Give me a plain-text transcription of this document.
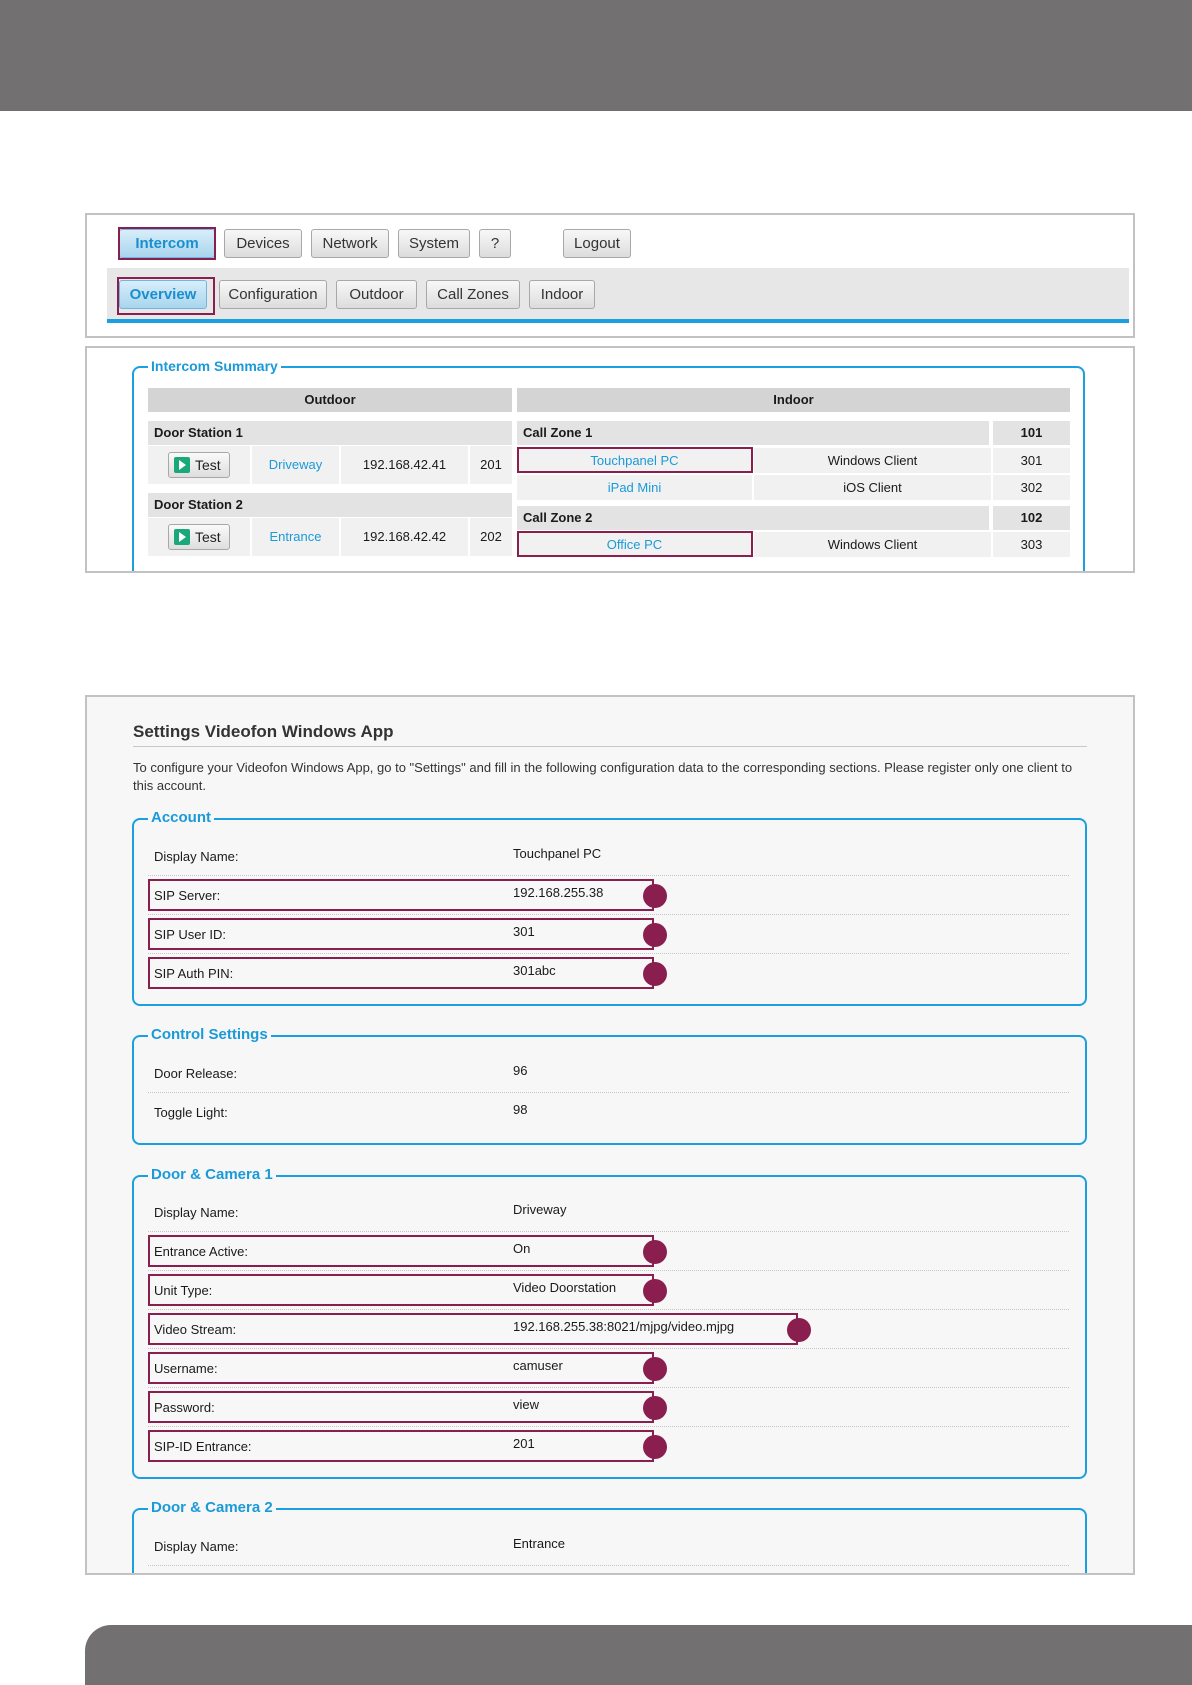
Intercom	Devices	Network	System	?	Logout
Overview	Configuration	Outdoor	Call Zones	Indoor
Intercom Summary
Outdoor	Indoor
Door Station 1
Test	Driveway	192.168.42.41	201
Door Station 2
Test	Entrance	192.168.42.42	202
Call Zone 1	101
Touchpanel PC	Windows Client	301
iPad Mini	iOS Client	302
Call Zone 2	102
Office PC	Windows Client	303
Settings Videofon Windows App
To configure your Videofon Windows App, go to "Settings" and fill in the following configuration data to the corresponding sections. Please register only one client to this account.
Account
Display Name:	Touchpanel PC
SIP Server:	192.168.255.38
SIP User ID:	301
SIP Auth PIN:	301abc
Control Settings
Door Release:	96
Toggle Light:	98
Door & Camera 1
Display Name:	Driveway
Entrance Active:	On
Unit Type:	Video Doorstation
Video Stream:	192.168.255.38:8021/mjpg/video.mjpg
Username:	camuser
Password:	view
SIP-ID Entrance:	201
Door & Camera 2
Display Name:	Entrance
